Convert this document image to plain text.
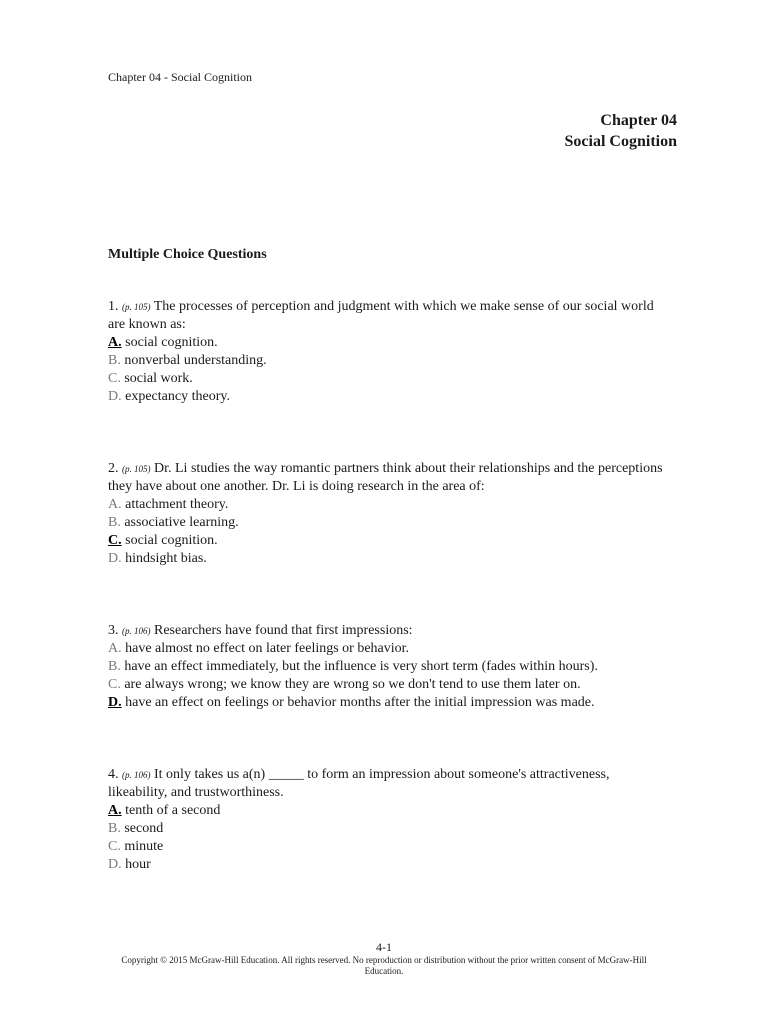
Chapter 04 - Social Cognition
Chapter 04
Social Cognition
Multiple Choice Questions

1. (p. 105) The processes of perception and judgment with which we make sense of our social world are known as:

A. social cognition.

B. nonverbal understanding.

C. social work.

D. expectancy theory.

2. (p. 105) Dr. Li studies the way romantic partners think about their relationships and the perceptions they have about one another. Dr. Li is doing research in the area of:

A. attachment theory.

B. associative learning.

C. social cognition.

D. hindsight bias.

3. (p. 106) Researchers have found that first impressions:

A. have almost no effect on later feelings or behavior.

B. have an effect immediately, but the influence is very short term (fades within hours).

C. are always wrong; we know they are wrong so we don't tend to use them later on.

D. have an effect on feelings or behavior months after the initial impression was made.

4. (p. 106) It only takes us a(n) _____ to form an impression about someone's attractiveness, likeability, and trustworthiness.

A. tenth of a second

B. second

C. minute

D. hour

4-1
Copyright © 2015 McGraw-Hill Education. All rights reserved. No reproduction or distribution without the prior written consent of McGraw-Hill Education.
